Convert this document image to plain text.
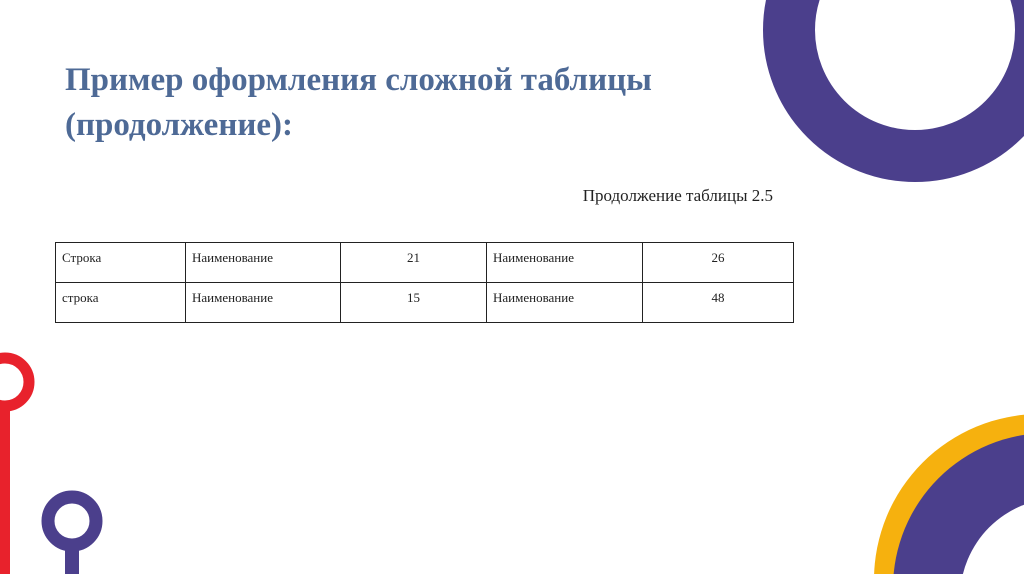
Пример оформления сложной таблицы
(продолжение):
Продолжение таблицы 2.5
Строка	Наименование	21	Наименование	26
строка	Наименование	15	Наименование	48
